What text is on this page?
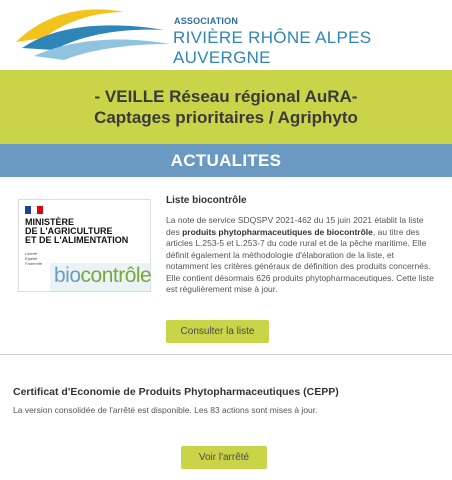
ASSOCIATION
RIVIÈRE RHÔNE ALPES AUVERGNE
- VEILLE Réseau régional AuRA-
Captages prioritaires / Agriphyto
ACTUALITES
MINISTÈRE
DE L'AGRICULTURE
ET DE L'ALIMENTATION
Liberté
Égalité
Fraternité
biocontrôle
Liste biocontrôle
La note de service SDQSPV 2021-462 du 15 juin 2021 établit la liste des produits phytopharmaceutiques de biocontrôle, au titre des articles L.253-5 et L.253-7 du code rural et de la pêche maritime. Elle définit également la méthodologie d'élaboration de la liste, et notamment les critères généraux de définition des produits concernés. Elle contient désormais 626 produits phytopharmaceutiques. Cette liste est régulièrement mise à jour.
Consulter la liste
Certificat d'Economie de Produits Phytopharmaceutiques (CEPP)
La version consolidée de l'arrêté est disponible. Les 83 actions sont mises à jour.
Voir l'arrêté
